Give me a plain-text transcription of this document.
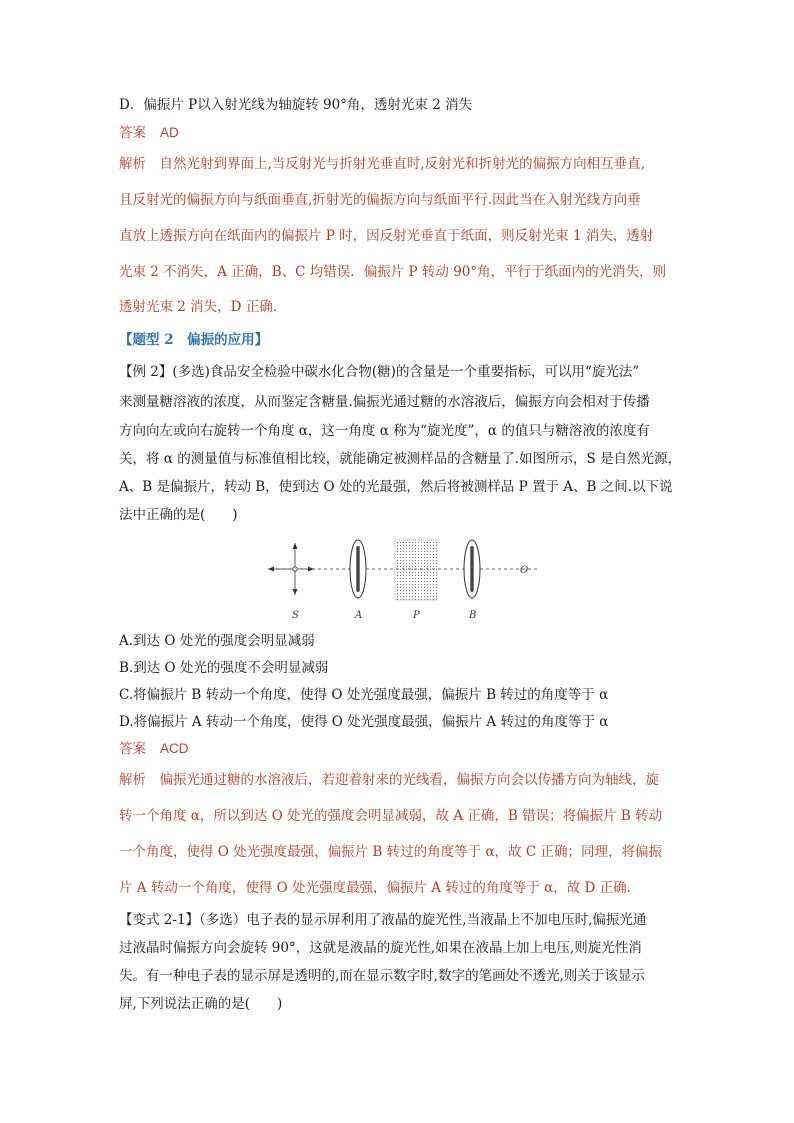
D．偏振片 P以入射光线为轴旋转 90°角，透射光束 2 消失
答案 AD
解析　自然光射到界面上,当反射光与折射光垂直时,反射光和折射光的偏振方向相互垂直,
且反射光的偏振方向与纸面垂直,折射光的偏振方向与纸面平行.因此当在入射光线方向垂
直放上透振方向在纸面内的偏振片 P 时，因反射光垂直于纸面，则反射光束 1 消失，透射
光束 2 不消失，A 正确，B、C 均错误．偏振片 P 转动 90°角，平行于纸面内的光消失，则
透射光束 2 消失，D 正确．
【题型 2　偏振的应用】
【例 2】(多选)食品安全检验中碳水化合物(糖)的含量是一个重要指标，可以用“旋光法”
来测量糖溶液的浓度，从而鉴定含糖量.偏振光通过糖的水溶液后，偏振方向会相对于传播
方向向左或向右旋转一个角度 α，这一角度 α 称为“旋光度”，α 的值只与糖溶液的浓度有
关，将 α 的测量值与标准值相比较，就能确定被测样品的含糖量了.如图所示，S 是自然光源，
A、B 是偏振片，转动 B，使到达 O 处的光最强，然后将被测样品 P 置于 A、B 之间.以下说
法中正确的是(　　)
S	A	P	B
O
A.到达 O 处光的强度会明显减弱
B.到达 O 处光的强度不会明显减弱
C.将偏振片 B 转动一个角度，使得 O 处光强度最强，偏振片 B 转过的角度等于 α
D.将偏振片 A 转动一个角度，使得 O 处光强度最强，偏振片 A 转过的角度等于 α
答案 ACD
解析　偏振光通过糖的水溶液后，若迎着射来的光线看，偏振方向会以传播方向为轴线，旋
转一个角度 α，所以到达 O 处光的强度会明显减弱，故 A 正确，B 错误；将偏振片 B 转动
一个角度，使得 O 处光强度最强，偏振片 B 转过的角度等于 α，故 C 正确；同理，将偏振
片 A 转动一个角度，使得 O 处光强度最强，偏振片 A 转过的角度等于 α，故 D 正确.
【变式 2-1】（多选）电子表的显示屏利用了液晶的旋光性,当液晶上不加电压时,偏振光通
过液晶时偏振方向会旋转 90°，这就是液晶的旋光性,如果在液晶上加上电压,则旋光性消
失。有一种电子表的显示屏是透明的,而在显示数字时,数字的笔画处不透光,则关于该显示
屏,下列说法正确的是(　　)
